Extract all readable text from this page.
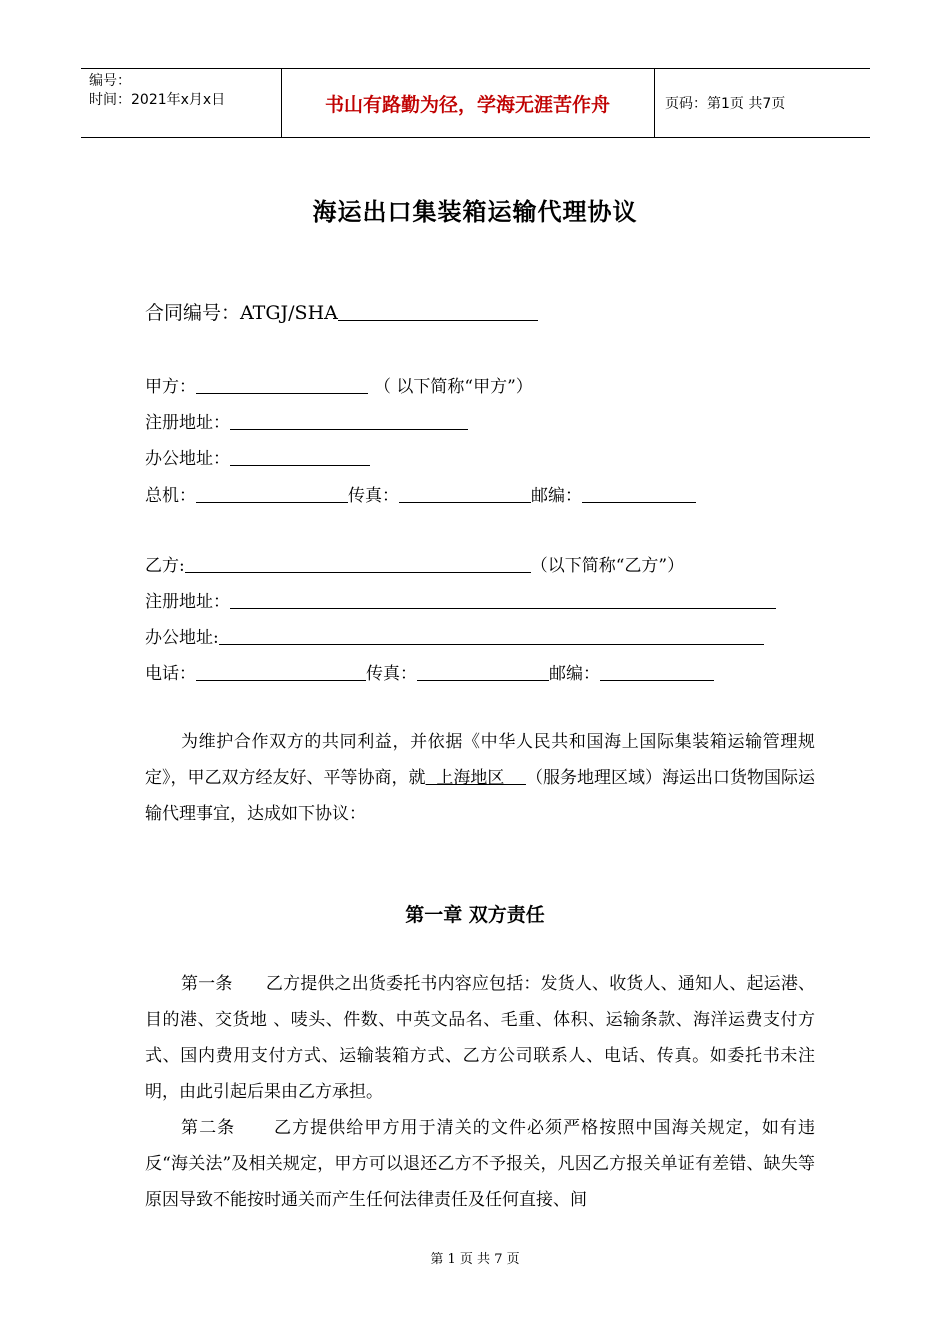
编号：
时间：2021年x月x日	书山有路勤为径，学海无涯苦作舟	页码：第1页 共7页
海运出口集装箱运输代理协议
合同编号：ATGJ/SHA
甲方：	（ 以下简称“甲方”）
注册地址：
办公地址：
总机：	传真：	邮编：
乙方:	（以下简称“乙方”）
注册地址：
办公地址:
电话：	传真：	邮编：
为维护合作双方的共同利益，并依据《中华人民共和国海上国际集装箱运输管理规定》，甲乙双方经友好、平等协商，就  上海地区    （服务地理区域）海运出口货物国际运输代理事宜，达成如下协议：
第一章 双方责任
第一条      乙方提供之出货委托书内容应包括：发货人、收货人、通知人、起运港、目的港、交货地 、唛头、件数、中英文品名、毛重、体积、运输条款、海洋运费支付方式、国内费用支付方式、运输装箱方式、乙方公司联系人、电话、传真。如委托书未注明，由此引起后果由乙方承担。
第二条      乙方提供给甲方用于清关的文件必须严格按照中国海关规定，如有违反“海关法”及相关规定，甲方可以退还乙方不予报关，凡因乙方报关单证有差错、缺失等原因导致不能按时通关而产生任何法律责任及任何直接、间
第 1 页 共 7 页
